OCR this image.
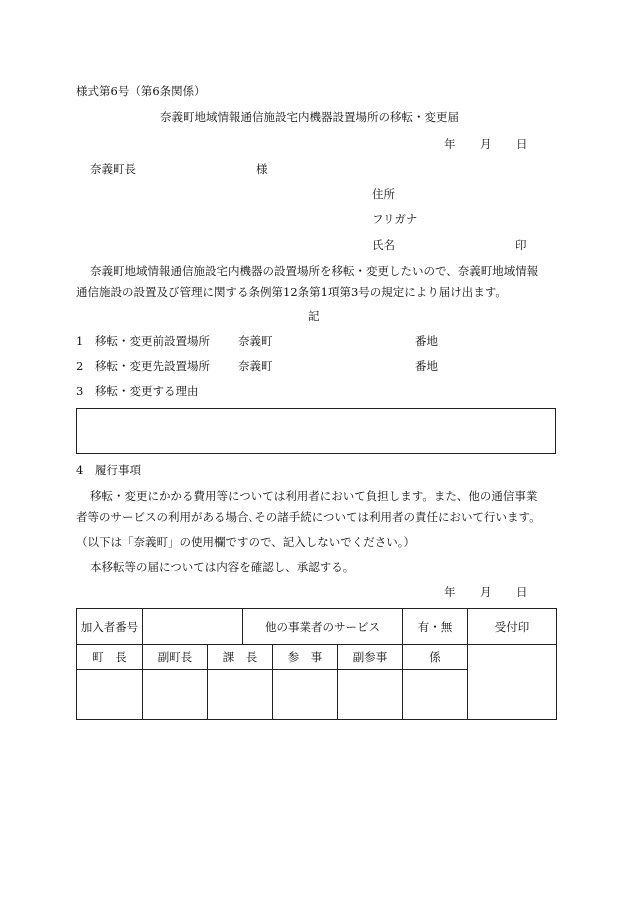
様式第6号（第6条関係）
奈義町地域情報通信施設宅内機器設置場所の移転・変更届
年 月 日
奈義町長	様
住所
フリガナ
氏名	印
奈義町地域情報通信施設宅内機器の設置場所を移転・変更したいので、奈義町地域情報
通信施設の設置及び管理に関する条例第12条第1項第3号の規定により届け出ます。
記
1 移転・変更前設置場所 奈義町	番地
2 移転・変更先設置場所 奈義町	番地
3 移転・変更する理由
4 履行事項
移転・変更にかかる費用等については利用者において負担します。また、他の通信事業
者等のサービスの利用がある場合､その諸手続については利用者の責任において行います。
（以下は「奈義町」の使用欄ですので、記入しないでください。）
本移転等の届については内容を確認し、承認する。
年 月 日
加入者番号			他の事業者のサービス			有・無	受付印
町　長	副町長	課　長		参　事	副参事	係	
